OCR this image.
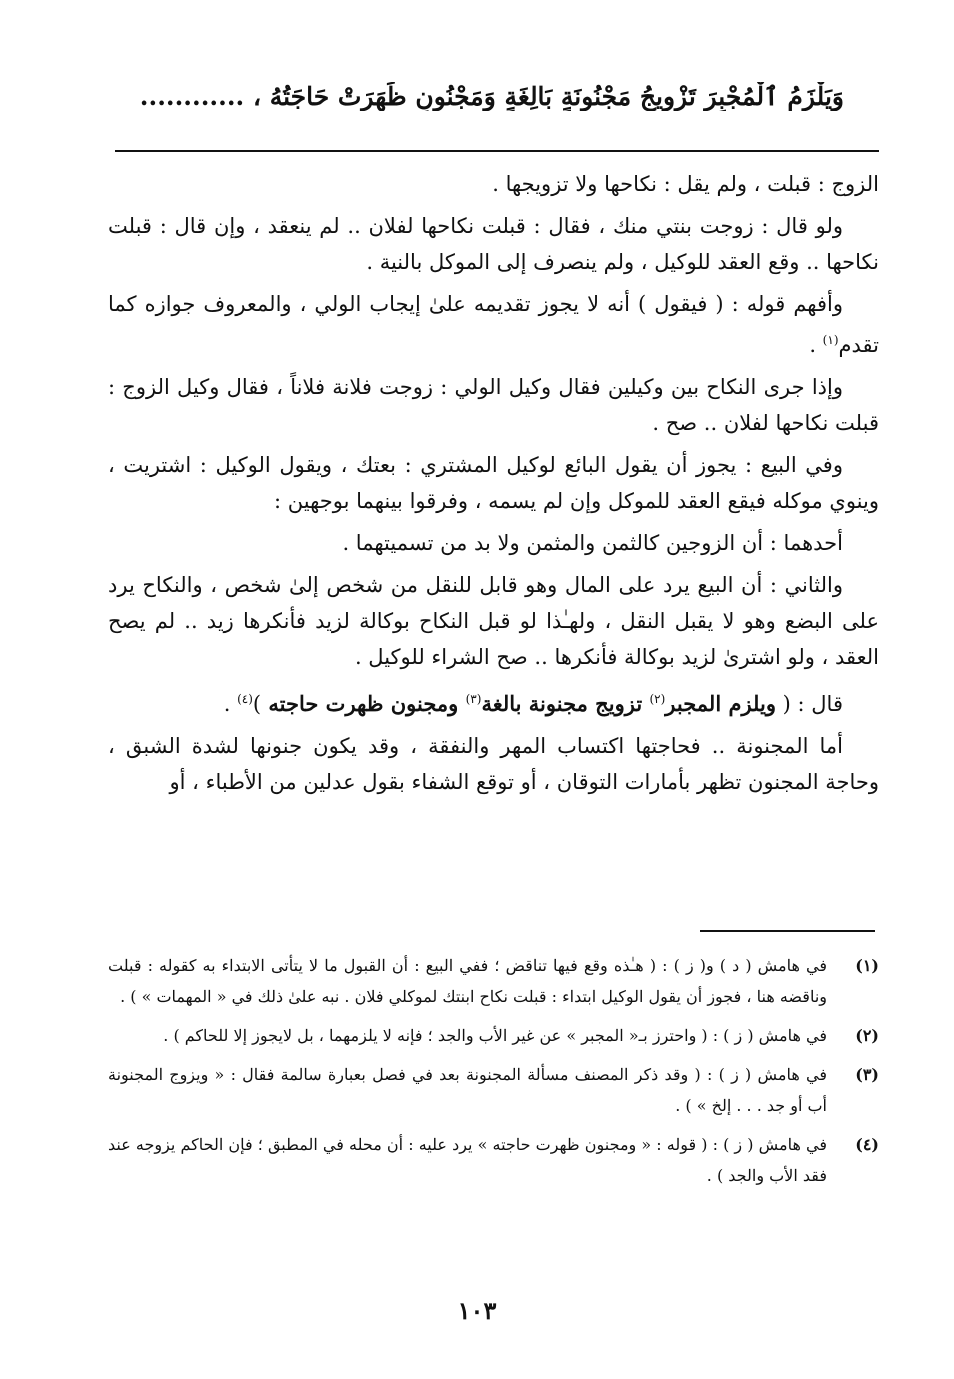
وَيَلْزَمُ ٱلْمُجْبِرَ تَزْوِيجُ مَجْنُونَةٍ بَالِغَةٍ وَمَجْنُونٍ ظَهَرَتْ حَاجَتُهُ ، ............

الزوج : قبلت ، ولم يقل : نكاحها ولا تزويجها .

ولو قال : زوجت بنتي منك ، فقال : قبلت نكاحها لفلان .. لم ينعقد ، وإن قال : قبلت نكاحها .. وقع العقد للوكيل ، ولم ينصرف إلى الموكل بالنية .

وأفهم قوله : ( فيقول ) أنه لا يجوز تقديمه علىٰ إيجاب الولي ، والمعروف جوازه كما تقدم$^{(١)}$ .

وإذا جرى النكاح بين وكيلين فقال وكيل الولي : زوجت فلانة فلاناً ، فقال وكيل الزوج : قبلت نكاحها لفلان .. صح .

وفي البيع : يجوز أن يقول البائع لوكيل المشتري : بعتك ، ويقول الوكيل : اشتريت ، وينوي موكله فيقع العقد للموكل وإن لم يسمه ، وفرقوا بينهما بوجهين :

أحدهما : أن الزوجين كالثمن والمثمن ولا بد من تسميتهما .

والثاني : أن البيع يرد على المال وهو قابل للنقل من شخص إلىٰ شخص ، والنكاح يرد على البضع وهو لا يقبل النقل ، ولهـٰذا لو قبل النكاح بوكالة لزيد فأنكرها زيد .. لم يصح العقد ، ولو اشترىٰ لزيد بوكالة فأنكرها .. صح الشراء للوكيل .

قال : ( ويلزم المجبر$^{(٢)}$ تزويج مجنونة بالغة$^{(٣)}$ ومجنون ظهرت حاجته )$^{(٤)}$ .

أما المجنونة .. فحاجتها اكتساب المهر والنفقة ، وقد يكون جنونها لشدة الشبق ، وحاجة المجنون تظهر بأمارات التوقان ، أو توقع الشفاء بقول عدلين من الأطباء ، أو

(١)
في هامش ( د ) و( ز ) : ( هـٰذه وقع فيها تناقض ؛ ففي البيع : أن القبول ما لا يتأتى الابتداء به كقوله : قبلت وناقضه هنا ، فجوز أن يقول الوكيل ابتداء : قبلت نكاح ابنتك لموكلي فلان . نبه علىٰ ذلك في « المهمات » ) .
(٢)
في هامش ( ز ) : ( واحترز بـ« المجبر » عن غير الأب والجد ؛ فإنه لا يلزمهما ، بل لايجوز إلا للحاكم ) .
(٣)
في هامش ( ز ) : ( وقد ذكر المصنف مسألة المجنونة بعد في فصل بعبارة سالمة فقال : « ويزوج المجنونة أب أو جد . . . إلخ » ) .
(٤)
في هامش ( ز ) : ( قوله : « ومجنون ظهرت حاجته » يرد عليه : أن محله في المطبق ؛ فإن الحاكم يزوجه عند فقد الأب والجد ) .
١٠٣
